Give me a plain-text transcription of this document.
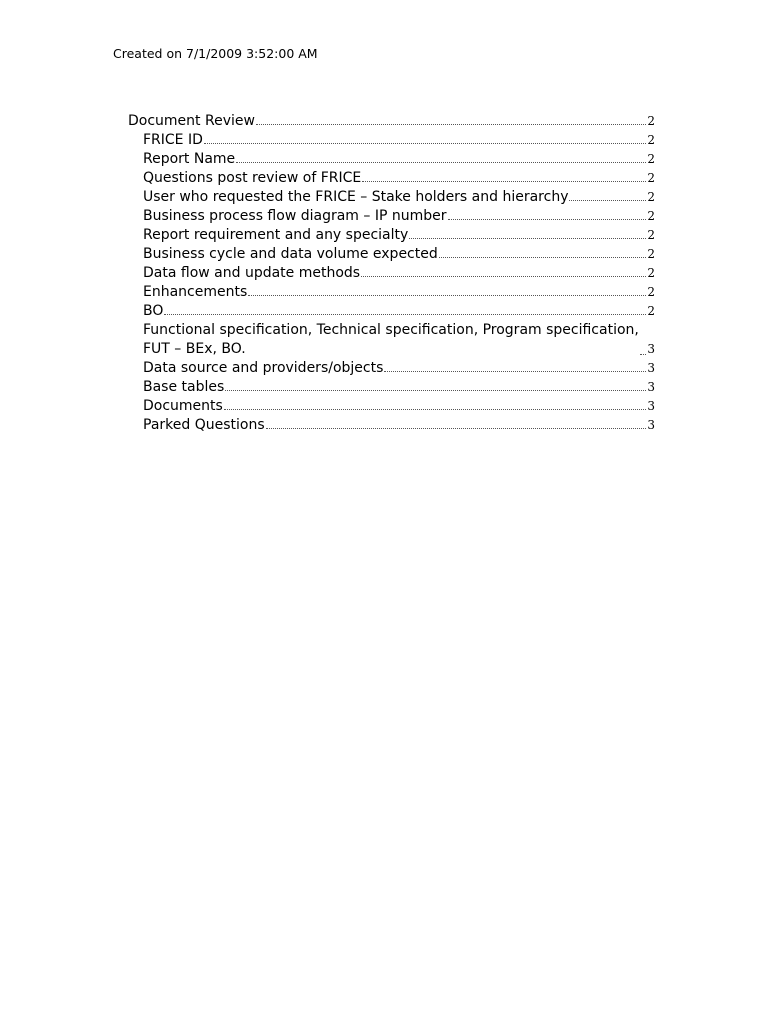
Created on 7/1/2009 3:52:00 AM
Document Review	2
FRICE ID	2
Report Name	2
Questions post review of FRICE	2
User who requested the FRICE – Stake holders and hierarchy	2
Business process flow diagram – IP number	2
Report requirement and any specialty	2
Business cycle and data volume expected	2
Data flow and update methods	2
Enhancements	2
BO	2
Functional specification, Technical specification, Program specification, FUT – BEx, BO.	3
Data source and providers/objects	3
Base tables	3
Documents	3
Parked Questions	3
